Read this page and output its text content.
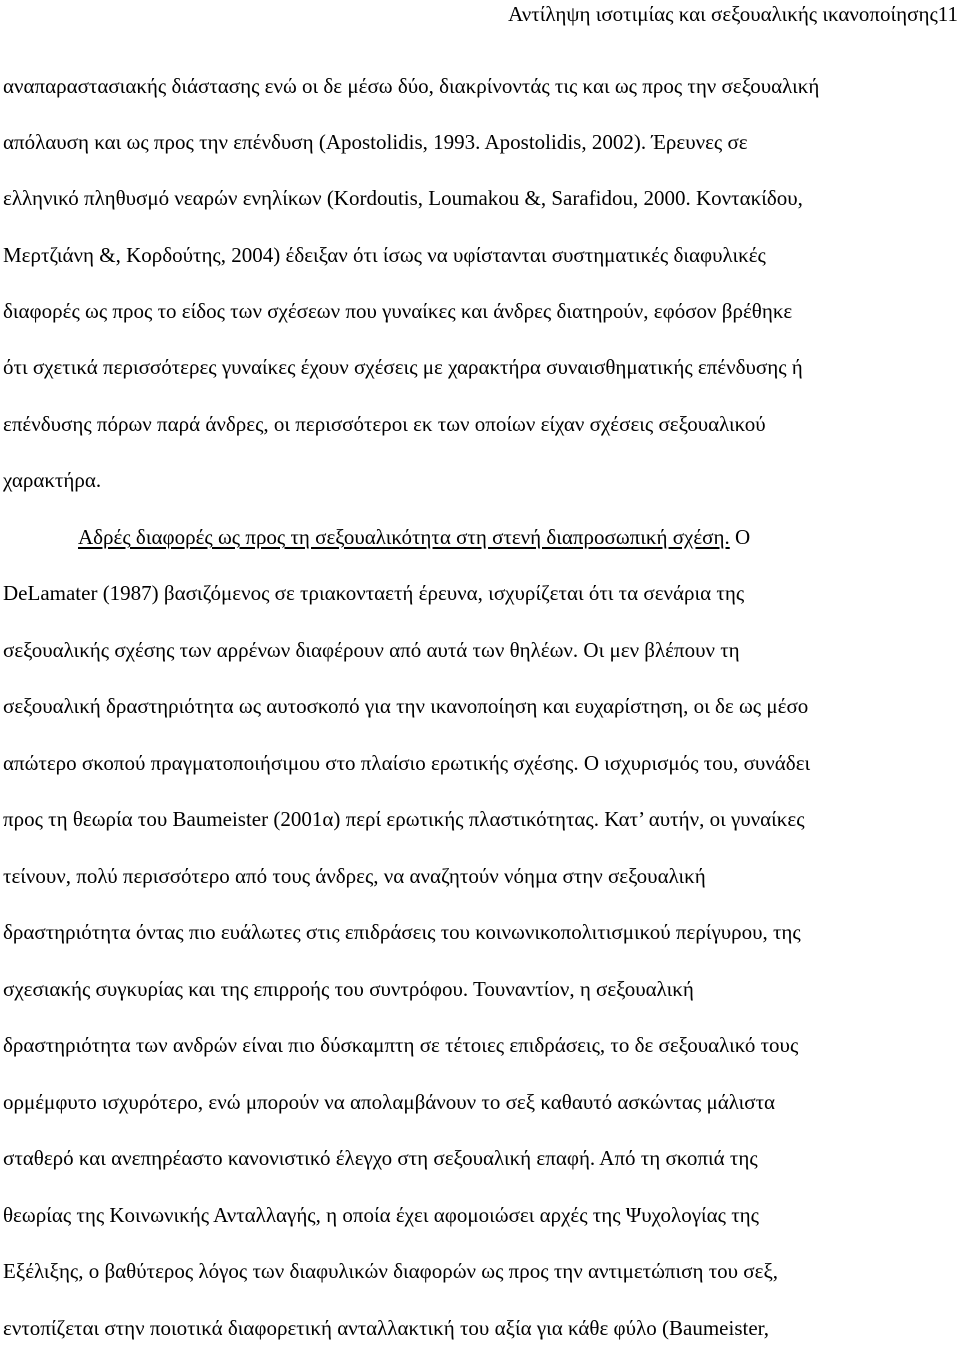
Αντίληψη ισοτιμίας και σεξουαλικής ικανοποίησης11
αναπαραστασιακής διάστασης ενώ οι δε μέσω δύο, διακρίνοντάς τις και ως προς την σεξουαλική
απόλαυση και ως προς την επένδυση (Apostolidis, 1993. Apostolidis, 2002). Έρευνες σε
ελληνικό πληθυσμό νεαρών ενηλίκων (Kordoutis, Loumakou &, Sarafidou, 2000. Κοντακίδου,
Μερτζιάνη &, Κορδούτης, 2004) έδειξαν ότι ίσως να υφίστανται συστηματικές διαφυλικές
διαφορές ως προς το είδος των σχέσεων που γυναίκες και άνδρες διατηρούν, εφόσον βρέθηκε
ότι σχετικά περισσότερες γυναίκες έχουν σχέσεις με χαρακτήρα συναισθηματικής επένδυσης ή
επένδυσης πόρων παρά άνδρες, οι περισσότεροι εκ των οποίων είχαν σχέσεις σεξουαλικού
χαρακτήρα.
Αδρές διαφορές ως προς τη σεξουαλικότητα στη στενή διαπροσωπική σχέση. Ο
DeLamater (1987) βασιζόμενος σε τριακονταετή έρευνα, ισχυρίζεται ότι τα σενάρια της
σεξουαλικής σχέσης των αρρένων διαφέρουν από αυτά των θηλέων. Οι μεν βλέπουν τη
σεξουαλική δραστηριότητα ως αυτοσκοπό για την ικανοποίηση και ευχαρίστηση, οι δε ως μέσο
απώτερο σκοπού πραγματοποιήσιμου στο πλαίσιο ερωτικής σχέσης. Ο ισχυρισμός του, συνάδει
προς τη θεωρία του Baumeister (2001α) περί ερωτικής πλαστικότητας. Κατ’ αυτήν, οι γυναίκες
τείνουν, πολύ περισσότερο από τους άνδρες, να αναζητούν νόημα στην σεξουαλική
δραστηριότητα όντας πιο ευάλωτες στις επιδράσεις του κοινωνικοπολιτισμικού περίγυρου, της
σχεσιακής συγκυρίας και της επιρροής του συντρόφου. Τουναντίον, η σεξουαλική
δραστηριότητα των ανδρών είναι πιο δύσκαμπτη σε τέτοιες επιδράσεις, το δε σεξουαλικό τους
ορμέμφυτο ισχυρότερο, ενώ μπορούν να απολαμβάνουν το σεξ καθαυτό ασκώντας μάλιστα
σταθερό και ανεπηρέαστο κανονιστικό έλεγχο στη σεξουαλική επαφή. Από τη σκοπιά της
θεωρίας της Κοινωνικής Ανταλλαγής, η οποία έχει αφομοιώσει αρχές της Ψυχολογίας της
Εξέλιξης, ο βαθύτερος λόγος των διαφυλικών διαφορών ως προς την αντιμετώπιση του σεξ,
εντοπίζεται στην ποιοτικά διαφορετική ανταλλακτική του αξία για κάθε φύλο (Baumeister,
